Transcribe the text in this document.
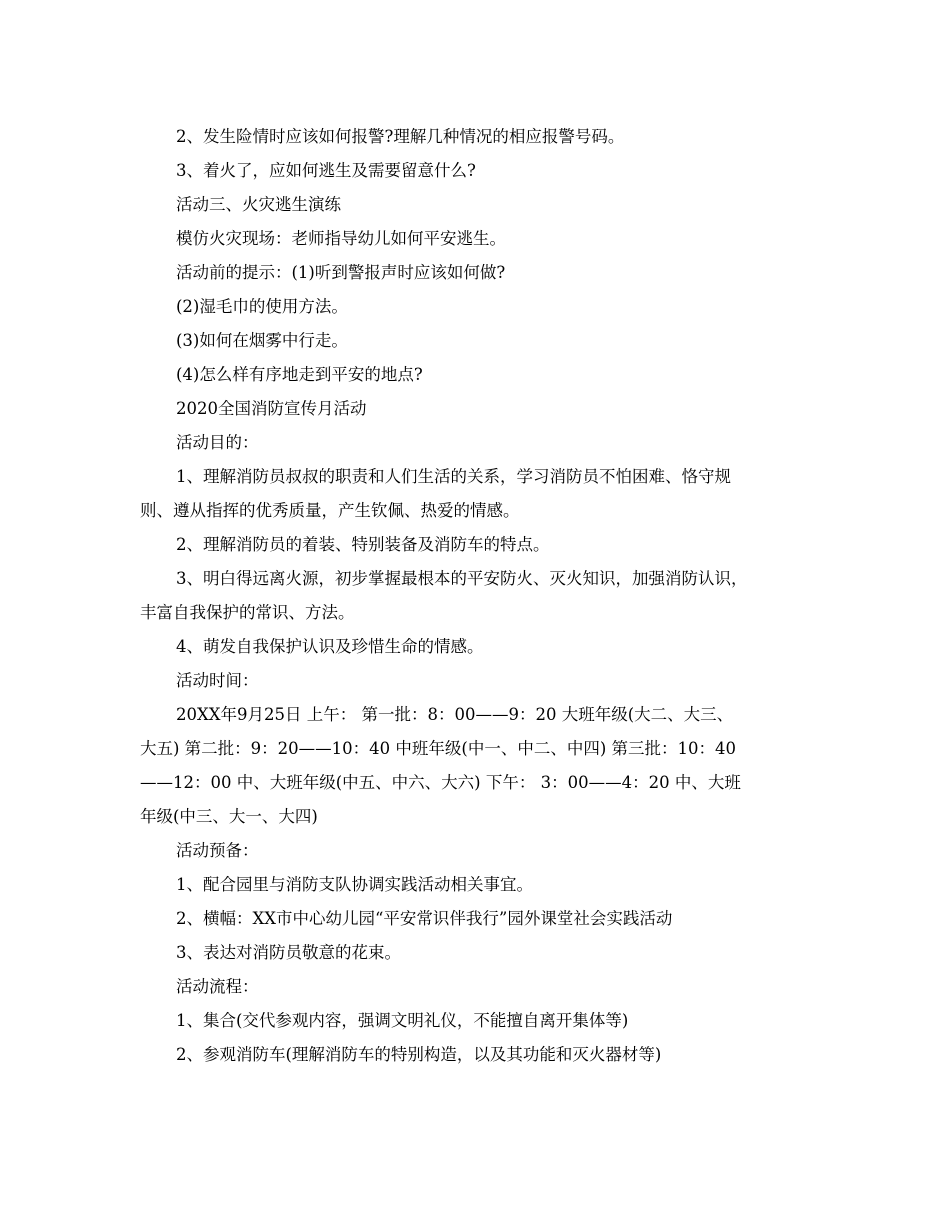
2、发生险情时应该如何报警?理解几种情况的相应报警号码。

3、着火了，应如何逃生及需要留意什么?

活动三、火灾逃生演练

模仿火灾现场：老师指导幼儿如何平安逃生。

活动前的提示：(1)听到警报声时应该如何做?

(2)湿毛巾的使用方法。

(3)如何在烟雾中行走。

(4)怎么样有序地走到平安的地点?

2020全国消防宣传月活动

活动目的：

1、理解消防员叔叔的职责和人们生活的关系，学习消防员不怕困难、恪守规

则、遵从指挥的优秀质量，产生钦佩、热爱的情感。

2、理解消防员的着装、特别装备及消防车的特点。

3、明白得远离火源，初步掌握最根本的平安防火、灭火知识，加强消防认识，

丰富自我保护的常识、方法。

4、萌发自我保护认识及珍惜生命的情感。

活动时间：

20XX年9月25日 上午： 第一批：8：00——9：20 大班年级(大二、大三、

大五) 第二批：9：20——10：40 中班年级(中一、中二、中四) 第三批：10：40

——12：00 中、大班年级(中五、中六、大六) 下午： 3：00——4：20 中、大班

年级(中三、大一、大四)

活动预备：

1、配合园里与消防支队协调实践活动相关事宜。

2、横幅：XX市中心幼儿园“平安常识伴我行”园外课堂社会实践活动

3、表达对消防员敬意的花束。

活动流程：

1、集合(交代参观内容，强调文明礼仪，不能擅自离开集体等)

2、参观消防车(理解消防车的特别构造，以及其功能和灭火器材等)
